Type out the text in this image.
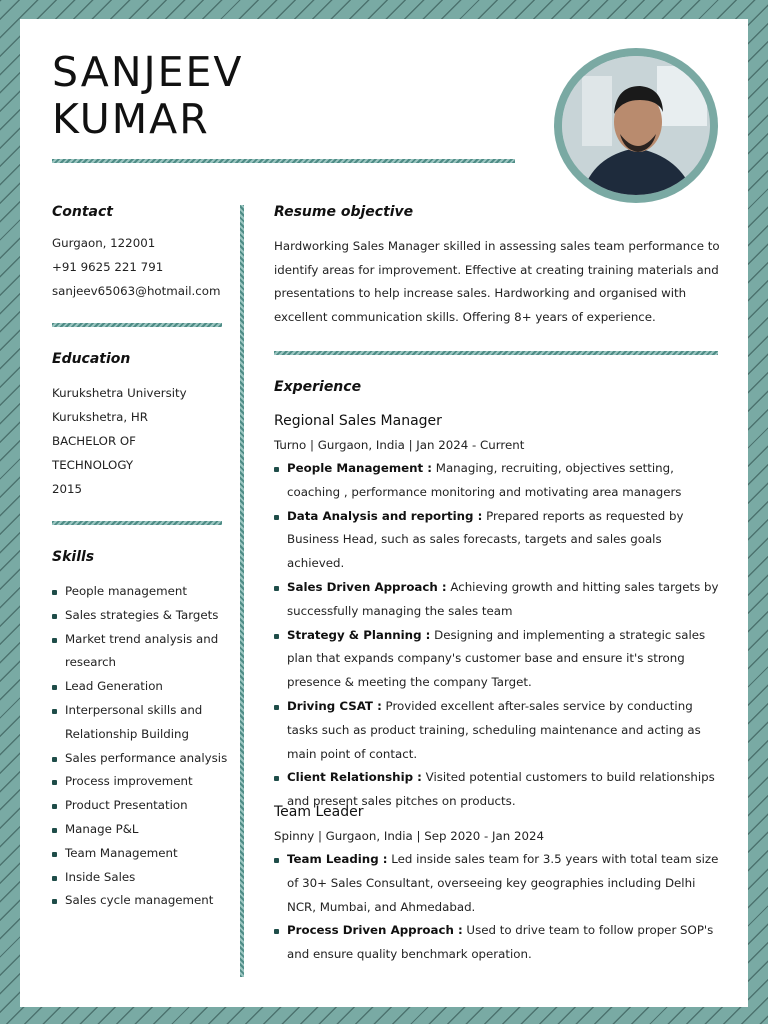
SANJEEV
KUMAR
Contact
Gurgaon, 122001
+91 9625 221 791
sanjeev65063@hotmail.com
Education
Kurukshetra University
Kurukshetra, HR
BACHELOR OF
TECHNOLOGY
2015
Skills
People management
Sales strategies & Targets
Market trend analysis and research
Lead Generation
Interpersonal skills and Relationship Building
Sales performance analysis
Process improvement
Product Presentation
Manage P&L
Team Management
Inside Sales
Sales cycle management
Resume objective
Hardworking Sales Manager skilled in assessing sales team performance to identify areas for improvement. Effective at creating training materials and presentations to help increase sales. Hardworking and organised with excellent communication skills. Offering 8+ years of experience.
Experience
Regional Sales Manager
Turno | Gurgaon, India | Jan 2024 - Current
People Management : Managing, recruiting, objectives setting, coaching , performance monitoring and motivating area managers
Data Analysis and reporting : Prepared reports as requested by Business Head, such as sales forecasts, targets and sales goals achieved.
Sales Driven Approach : Achieving growth and hitting sales targets by successfully managing the sales team
Strategy & Planning : Designing and implementing a strategic sales plan that expands company's customer base and ensure it's strong presence & meeting the company Target.
Driving CSAT : Provided excellent after-sales service by conducting tasks such as product training, scheduling maintenance and acting as main point of contact.
Client Relationship : Visited potential customers to build relationships and present sales pitches on products.
Team Leader
Spinny | Gurgaon, India | Sep 2020 - Jan 2024
Team Leading : Led inside sales team for 3.5 years with total team size of 30+ Sales Consultant, overseeing key geographies including Delhi NCR, Mumbai, and Ahmedabad.
Process Driven Approach : Used to drive team to follow proper SOP's and ensure quality benchmark operation.
